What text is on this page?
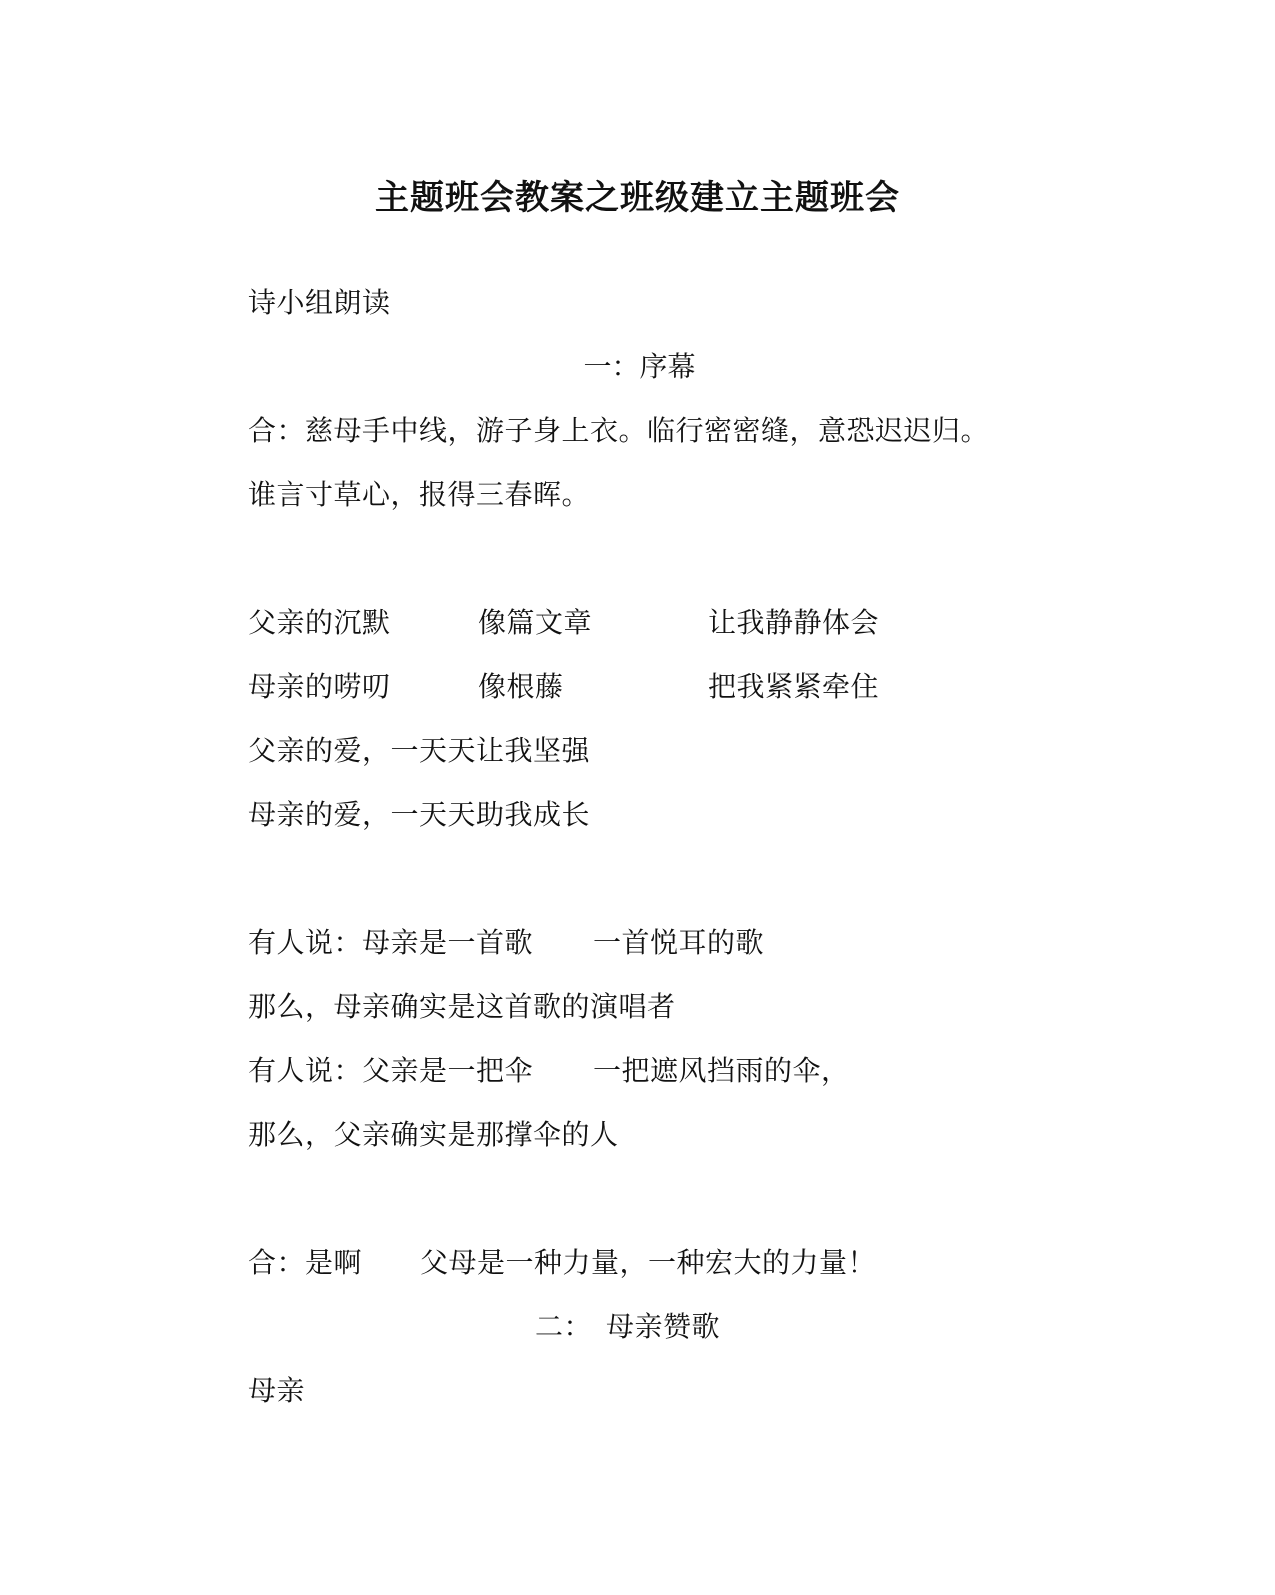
主题班会教案之班级建立主题班会
诗小组朗读
一：序幕
合：慈母手中线，游子身上衣。临行密密缝，意恐迟迟归。
谁言寸草心，报得三春晖。
父亲的沉默	像篇文章	让我静静体会
母亲的唠叨	像根藤	把我紧紧牵住
父亲的爱，一天天让我坚强
母亲的爱，一天天助我成长
有人说：母亲是一首歌 一首悦耳的歌
那么，母亲确实是这首歌的演唱者
有人说：父亲是一把伞 一把遮风挡雨的伞，
那么，父亲确实是那撑伞的人
合：是啊 父母是一种力量，一种宏大的力量！
二： 母亲赞歌
母亲
